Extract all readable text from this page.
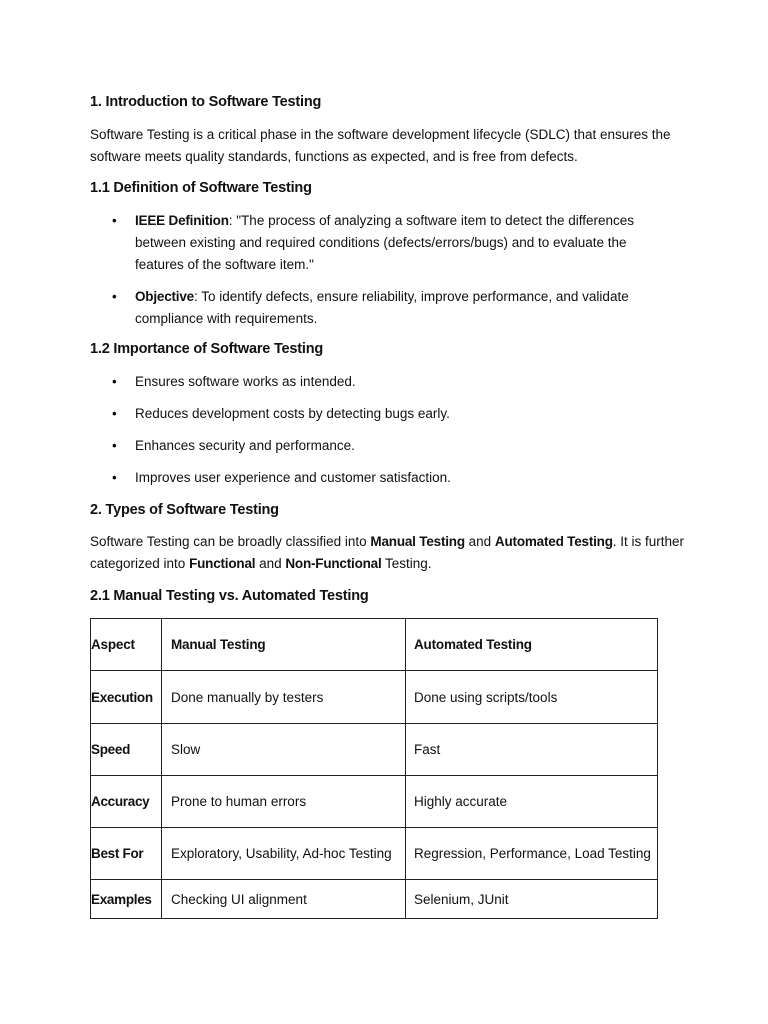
1. Introduction to Software Testing

Software Testing is a critical phase in the software development lifecycle (SDLC) that ensures the software meets quality standards, functions as expected, and is free from defects.

1.1 Definition of Software Testing
•	IEEE Definition: "The process of analyzing a software item to detect the differences between existing and required conditions (defects/errors/bugs) and to evaluate the features of the software item."
•	Objective: To identify defects, ensure reliability, improve performance, and validate compliance with requirements.
1.2 Importance of Software Testing
•	Ensures software works as intended.
•	Reduces development costs by detecting bugs early.
•	Enhances security and performance.
•	Improves user experience and customer satisfaction.
2. Types of Software Testing

Software Testing can be broadly classified into Manual Testing and Automated Testing. It is further categorized into Functional and Non-Functional Testing.

2.1 Manual Testing vs. Automated Testing
Aspect	Manual Testing	Automated Testing
Execution	Done manually by testers	Done using scripts/tools
Speed	Slow	Fast
Accuracy	Prone to human errors	Highly accurate
Best For	Exploratory, Usability, Ad-hoc Testing	Regression, Performance, Load Testing
Examples	Checking UI alignment	Selenium, JUnit
